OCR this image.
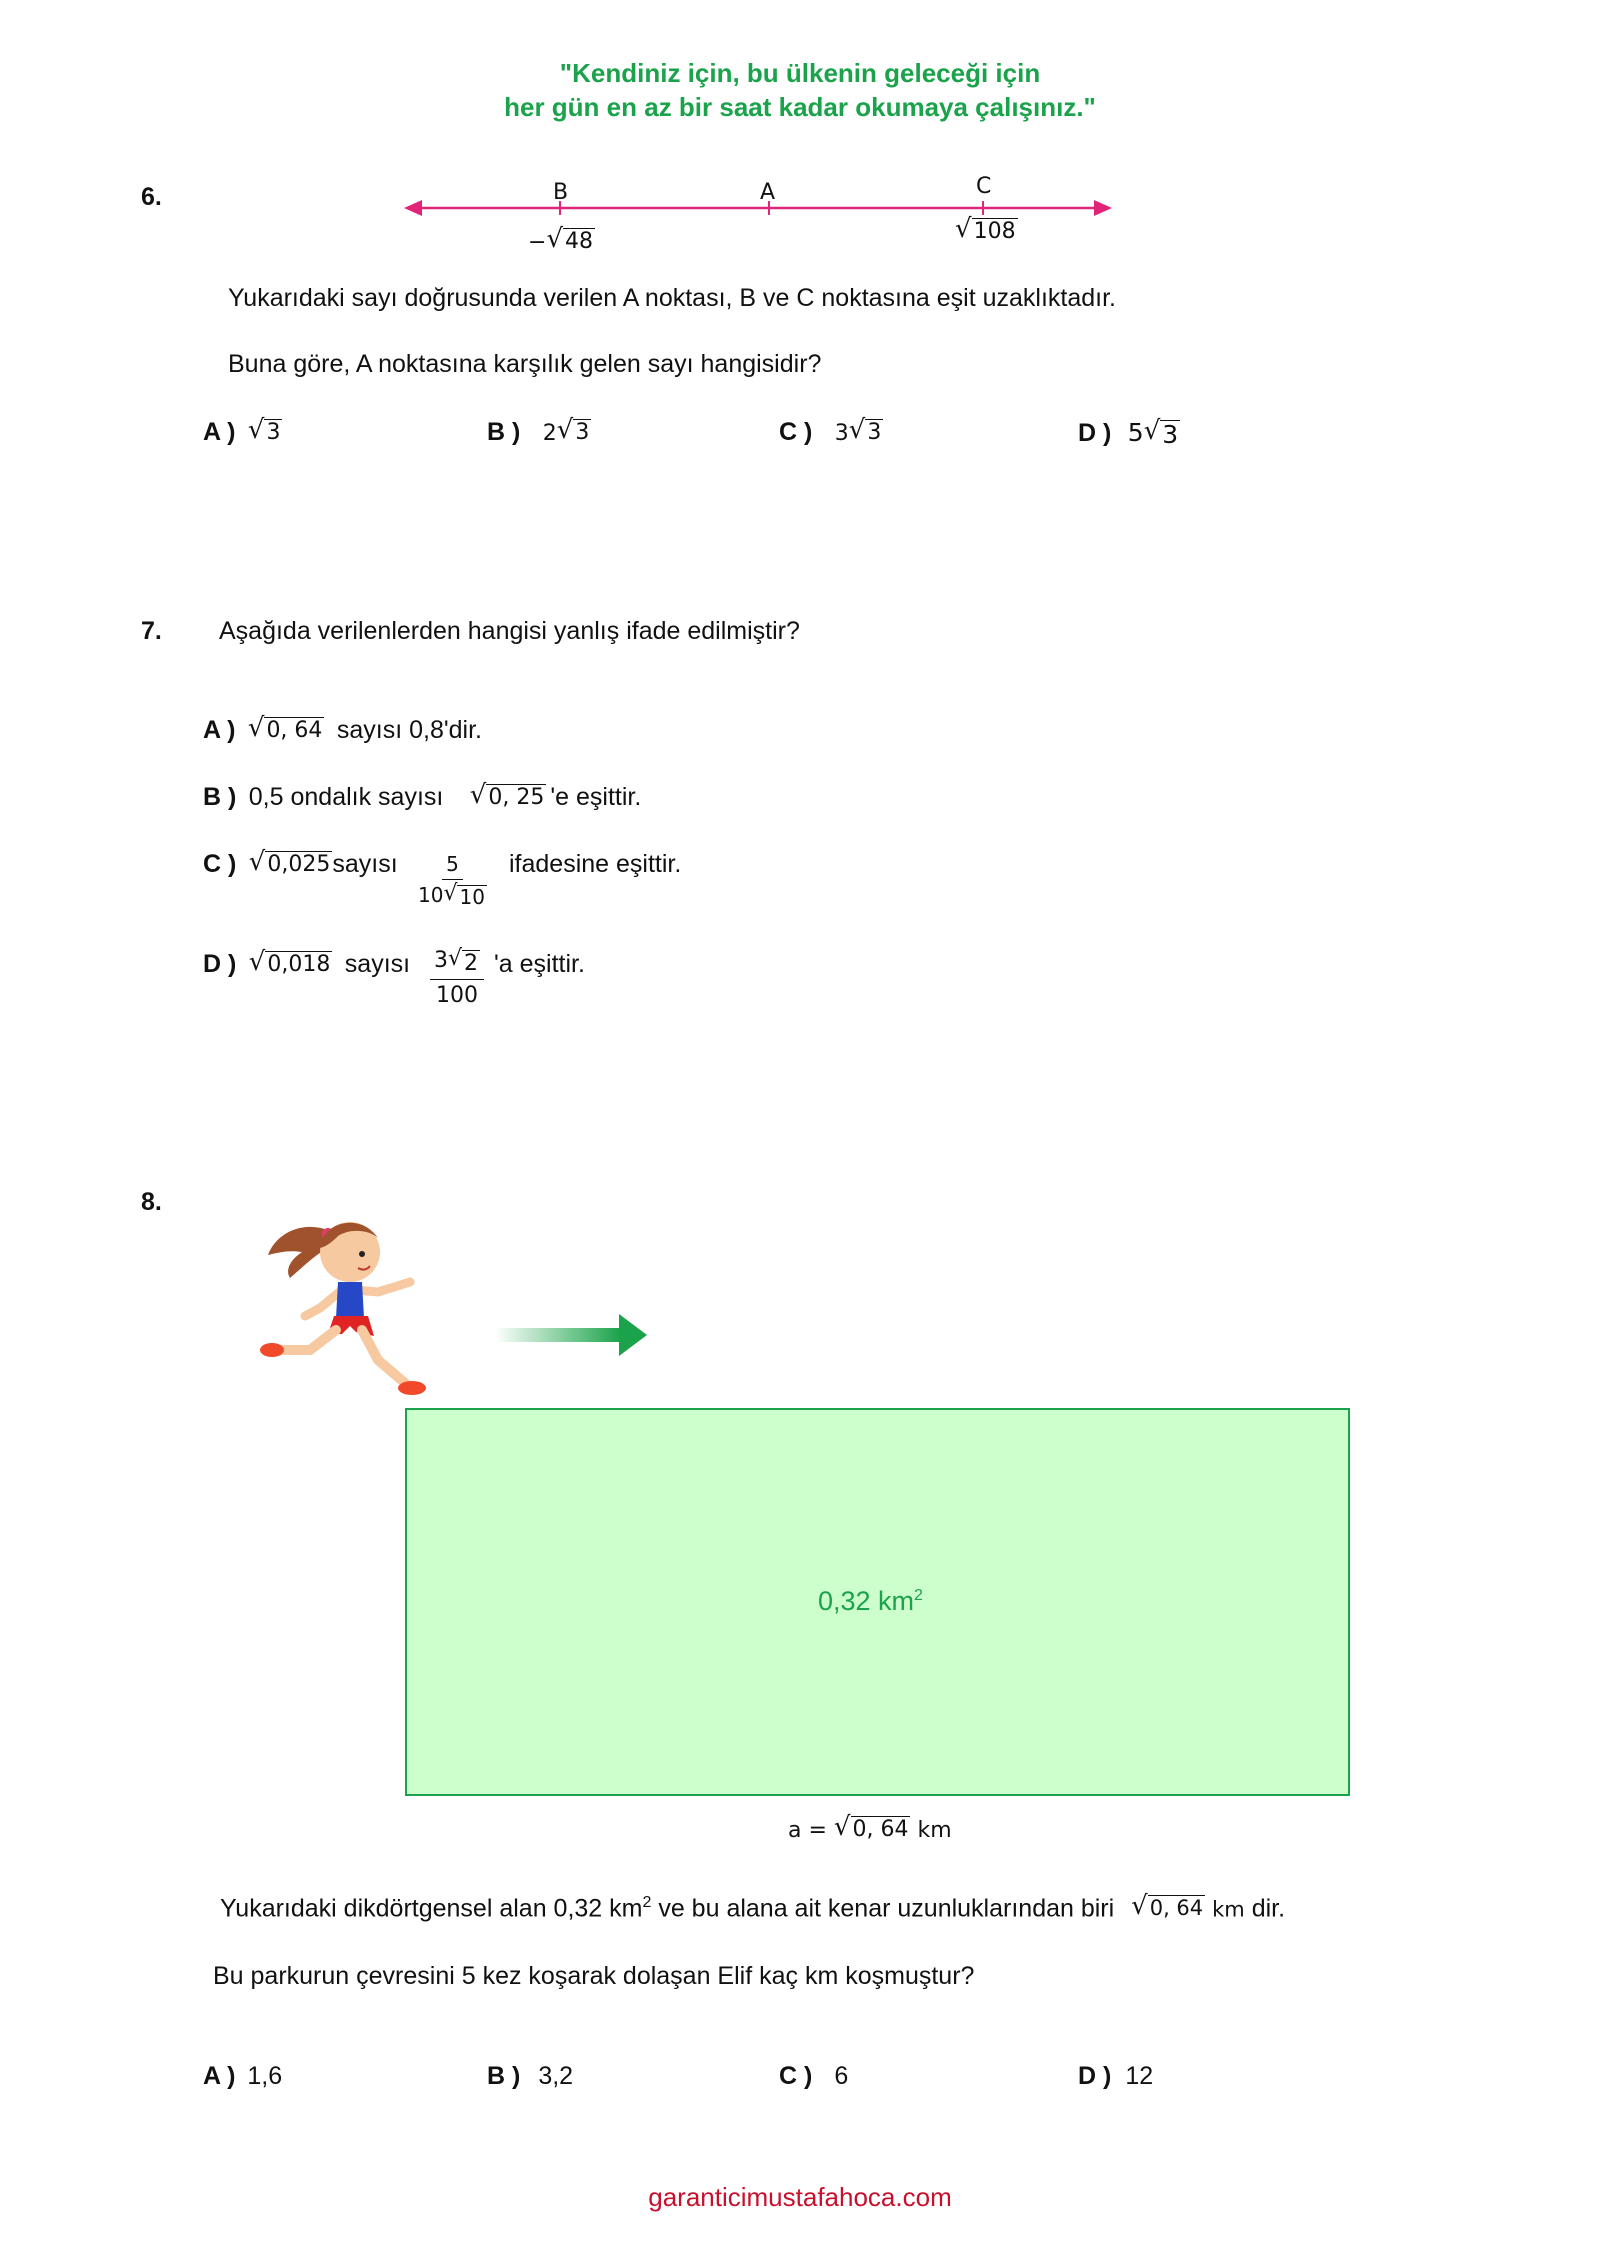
"Kendiniz için, bu ülkenin geleceği için
her gün en az bir saat kadar okumaya çalışınız."
6.	B	A	C
− √ 48	√ 108
Yukarıdaki sayı doğrusunda verilen A noktası, B ve C noktasına eşit uzaklıktadır.
Buna göre, A noktasına karşılık gelen sayı hangisidir?
A ) √ 3	B ) 2 √ 3	C ) 3 √ 3	D ) 5 √ 3
7. Aşağıda verilenlerden hangisi yanlış ifade edilmiştir?
A ) √ 0, 64 sayısı 0,8'dir.
B ) 0,5 ondalık sayısı √ 0, 25 'e eşittir.
C ) √ 0,025 sayısı $\frac{5}{10 √ 10}$ ifadesine eşittir.
D ) √ 0,018 sayısı $\frac{3 √ 2}{100}$ 'a eşittir.
8.
0,32 $km^2$
a = √ 0, 64 km
Yukarıdaki dikdörtgensel alan 0,32 $km^2$ ve bu alana ait kenar uzunluklarından biri √ 0, 64 km dir.
Bu parkurun çevresini 5 kez koşarak dolaşan Elif kaç km koşmuştur?
A ) 1,6	B ) 3,2	C ) 6	D ) 12
garanticimustafahoca.com
